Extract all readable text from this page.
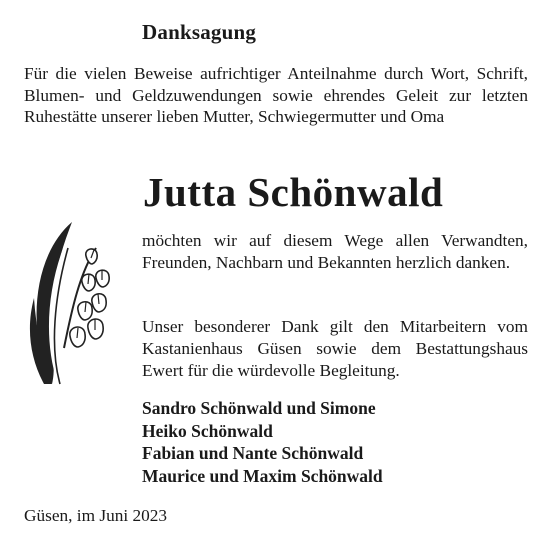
Danksagung
Für die vielen Beweise aufrichtiger Anteilnahme durch Wort, Schrift, Blumen- und Geldzuwendungen sowie ehrendes Geleit zur letzten Ruhestätte unserer lieben Mutter, Schwiegermutter und Oma
Jutta Schönwald
möchten wir auf diesem Wege allen Verwandten, Freunden, Nachbarn und Bekannten herzlich danken.
Unser besonderer Dank gilt den Mitarbeitern vom Kastanienhaus Güsen sowie dem Bestattungshaus Ewert für die würdevolle Begleitung.
Sandro Schönwald und Simone
Heiko Schönwald
Fabian und Nante Schönwald
Maurice und Maxim Schönwald
Güsen, im Juni 2023
